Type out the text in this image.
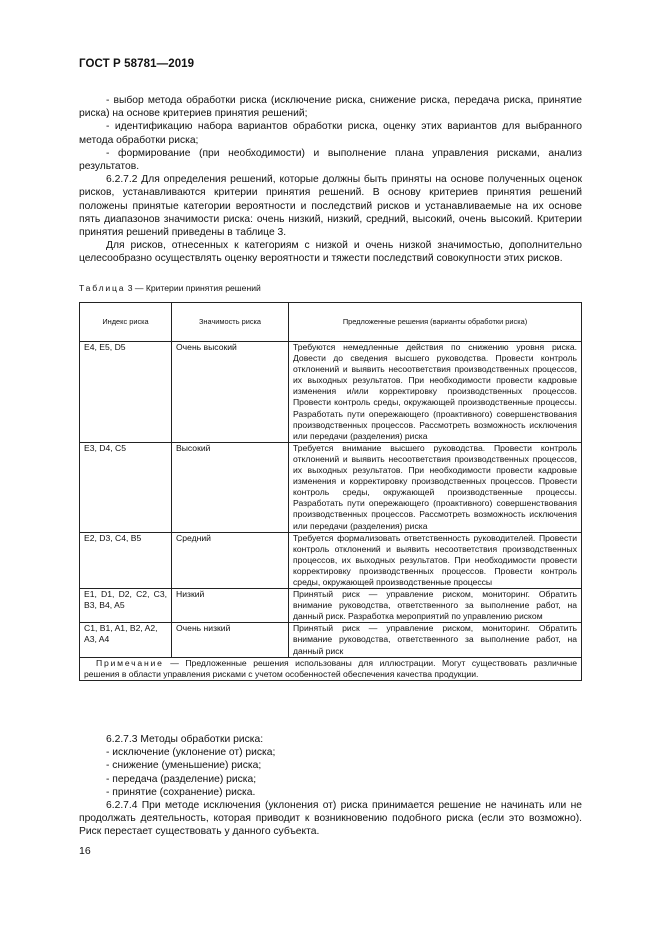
ГОСТ Р 58781—2019

- выбор метода обработки риска (исключение риска, снижение риска, передача риска, принятие риска) на основе критериев принятия решений;

- идентификацию набора вариантов обработки риска, оценку этих вариантов для выбранного метода обработки риска;

- формирование (при необходимости) и выполнение плана управления рисками, анализ результатов.

6.2.7.2 Для определения решений, которые должны быть приняты на основе полученных оценок рисков, устанавливаются критерии принятия решений. В основу критериев принятия решений положены принятые категории вероятности и последствий рисков и устанавливаемые на их основе пять диапазонов значимости риска: очень низкий, низкий, средний, высокий, очень высокий. Критерии принятия решений приведены в таблице 3.

Для рисков, отнесенных к категориям с низкой и очень низкой значимостью, дополнительно целесообразно осуществлять оценку вероятности и тяжести последствий совокупности этих рисков.

Таблица 3 — Критерии принятия решений
Индекс риска	Значимость риска	Предложенные решения (варианты обработки риска)
E4, E5, D5	Очень высокий	Требуются немедленные действия по снижению уровня риска. Довести до сведения высшего руководства. Провести контроль отклонений и выявить несоответствия производственных процессов, их выходных результатов. При необходимости провести кадровые изменения и/или корректировку производственных процессов. Провести контроль среды, окружающей производственные процессы. Разработать пути опережающего (проактивного) совершенствования производственных процессов. Рассмотреть возможность исключения или передачи (разделения) риска
E3, D4, C5	Высокий	Требуется внимание высшего руководства. Провести контроль отклонений и выявить несоответствия производственных процессов, их выходных результатов. При необходимости провести кадровые изменения и корректировку производственных процессов. Провести контроль среды, окружающей производственные процессы. Разработать пути опережающего (проактивного) совершенствования производственных процессов. Рассмотреть возможность исключения или передачи (разделения) риска
E2, D3, C4, B5	Средний	Требуется формализовать ответственность руководителей. Провести контроль отклонений и выявить несоответствия производственных процессов, их выходных результатов. При необходимости провести корректировку производственных процессов. Провести контроль среды, окружающей производственные процессы
E1, D1, D2, C2, C3, B3, B4, A5	Низкий	Принятый риск — управление риском, мониторинг. Обратить внимание руководства, ответственного за выполнение работ, на данный риск. Разработка мероприятий по управлению риском
C1, B1, A1, B2, A2, A3, A4	Очень низкий	Принятый риск — управление риском, мониторинг. Обратить внимание руководства, ответственного за выполнение работ, на данный риск
Примечание — Предложенные решения использованы для иллюстрации. Могут существовать различные решения в области управления рисками с учетом особенностей обеспечения качества продукции.		

6.2.7.3 Методы обработки риска:

- исключение (уклонение от) риска;

- снижение (уменьшение) риска;

- передача (разделение) риска;

- принятие (сохранение) риска.

6.2.7.4 При методе исключения (уклонения от) риска принимается решение не начинать или не продолжать деятельность, которая приводит к возникновению подобного риска (если это возможно). Риск перестает существовать у данного субъекта.

16
